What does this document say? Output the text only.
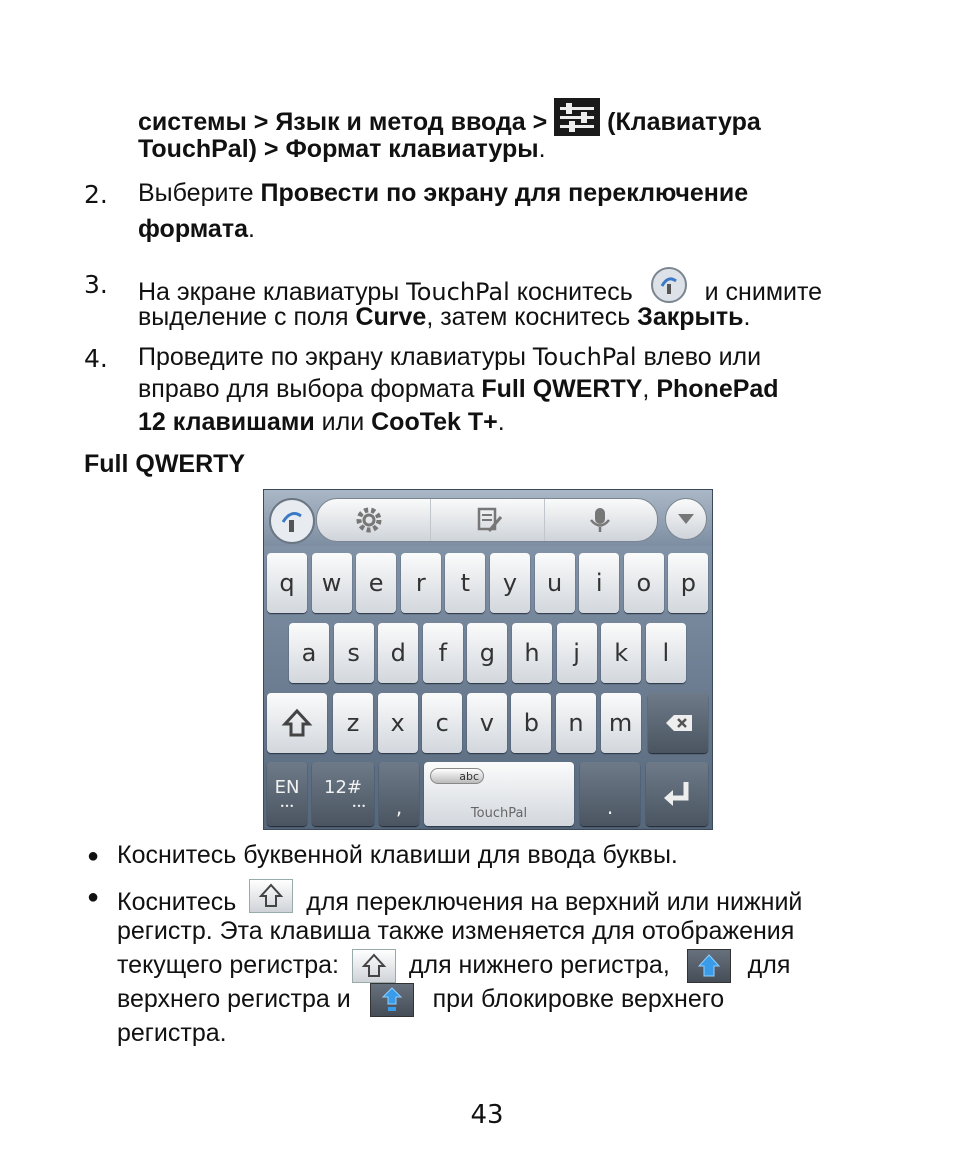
системы > Язык и метод ввода >  (Клавиатура
TouchPal) > Формат клавиатуры.
2. Выберите Провести по экрану для переключение
формата.
3. На экране клавиатуры TouchPal коснитесь  и снимите
выделение с поля Curve, затем коснитесь Закрыть.
4. Проведите по экрану клавиатуры TouchPal влево или
вправо для выбора формата Full QWERTY, PhonePad
12 клавишами или CooTek T+.
Full QWERTY
q	w	e	r	t	y	u	i	o	p
a	s	d	f	g	h	j	k	l
z	x	c	v	b	n	m
EN
•••
12#
•••	,
abc
TouchPal	.
● Коснитесь буквенной клавиши для ввода буквы.
● Коснитесь  для переключения на верхний или нижний
регистр. Эта клавиша также изменяется для отображения
текущего регистра:  для нижнего регистра,	для
верхнего регистра и	при блокировке верхнего
регистра.
43
